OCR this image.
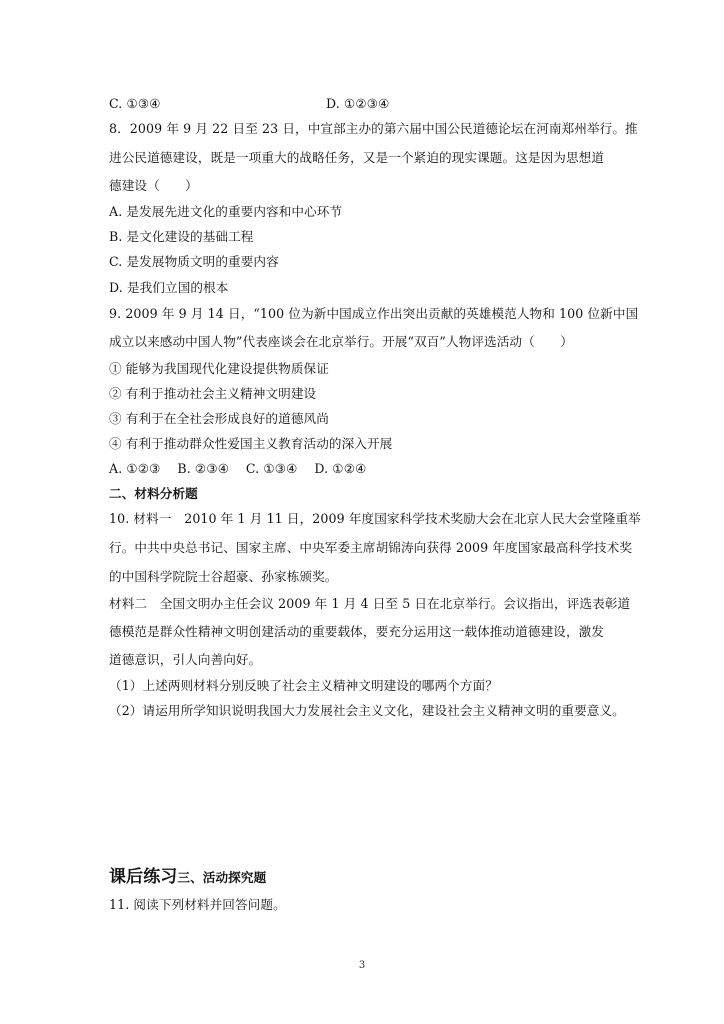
C. ①③④	D. ①②③④
8．2009 年 9 月 22 日至 23 日，中宣部主办的第六届中国公民道德论坛在河南郑州举行。推
进公民道德建设，既是一项重大的战略任务，又是一个紧迫的现实课题。这是因为思想道
德建设（　　）
A. 是发展先进文化的重要内容和中心环节
B. 是文化建设的基础工程
C. 是发展物质文明的重要内容
D. 是我们立国的根本
9. 2009 年 9 月 14 日，“100 位为新中国成立作出突出贡献的英雄模范人物和 100 位新中国
成立以来感动中国人物”代表座谈会在北京举行。开展“双百”人物评选活动（　　）
① 能够为我国现代化建设提供物质保证
② 有利于推动社会主义精神文明建设
③ 有利于在全社会形成良好的道德风尚
④ 有利于推动群众性爱国主义教育活动的深入开展
A. ①②③　 B. ②③④　 C. ①③④　 D. ①②④
二、材料分析题
10. 材料一　2010 年 1 月 11 日，2009 年度国家科学技术奖励大会在北京人民大会堂隆重举
行。中共中央总书记、国家主席、中央军委主席胡锦涛向获得 2009 年度国家最高科学技术奖
的中国科学院院士谷超豪、孙家栋颁奖。
材料二　全国文明办主任会议 2009 年 1 月 4 日至 5 日在北京举行。会议指出，评选表彰道
德模范是群众性精神文明创建活动的重要载体，要充分运用这一载体推动道德建设，激发
道德意识，引人向善向好。
（1）上述两则材料分别反映了社会主义精神文明建设的哪两个方面？
（2）请运用所学知识说明我国大力发展社会主义文化，建设社会主义精神文明的重要意义。
课后练习三、活动探究题
11. 阅读下列材料并回答问题。
3
